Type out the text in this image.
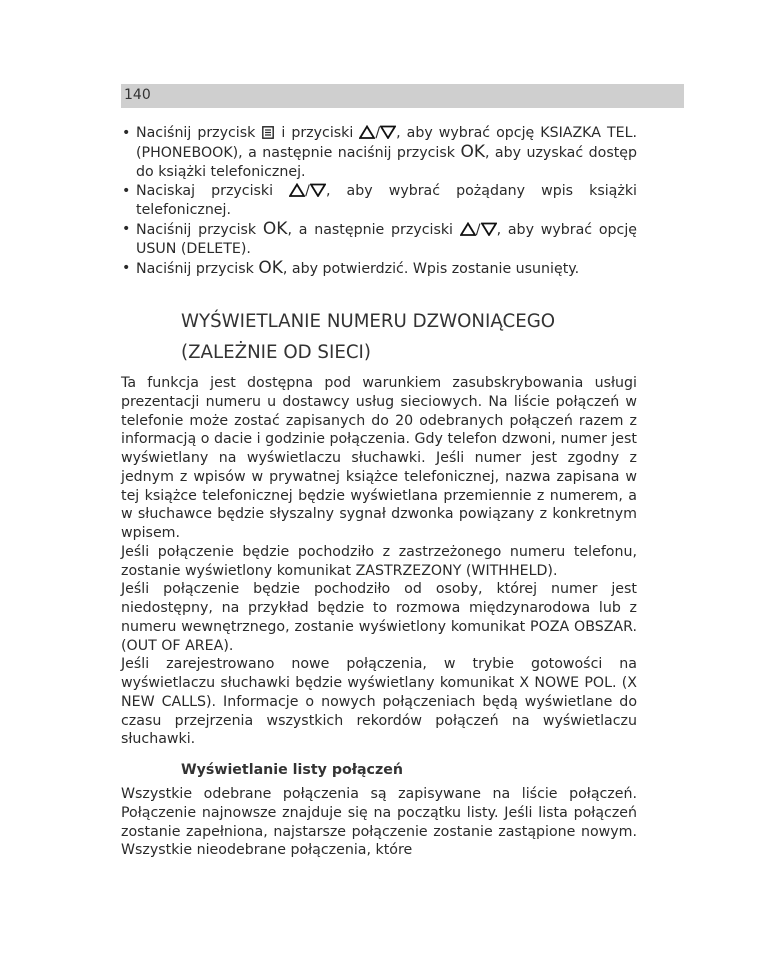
140
• Naciśnij przycisk i przyciski / , aby wybrać opcję KSIAZKA TEL. (PHONEBOOK), a następnie naciśnij przycisk OK, aby uzyskać dostęp do książki telefonicznej.
• Naciskaj przyciski / , aby wybrać pożądany wpis książki telefonicznej.
• Naciśnij przycisk OK, a następnie przyciski / , aby wybrać opcję USUN (DELETE).
• Naciśnij przycisk OK, aby potwierdzić. Wpis zostanie usunięty.
WYŚWIETLANIE NUMERU DZWONIĄCEGO
(ZALEŻNIE OD SIECI)

Ta funkcja jest dostępna pod warunkiem zasubskrybowania usługi prezentacji numeru u dostawcy usług sieciowych. Na liście połączeń w telefonie może zostać zapisanych do 20 odebranych połączeń razem z informacją o dacie i godzinie połączenia. Gdy telefon dzwoni, numer jest wyświetlany na wyświetlaczu słuchawki. Jeśli numer jest zgodny z jednym z wpisów w prywatnej książce telefonicznej, nazwa zapisana w tej książce telefonicznej będzie wyświetlana przemiennie z numerem, a w słuchawce będzie słyszalny sygnał dzwonka powiązany z konkretnym wpisem.

Jeśli połączenie będzie pochodziło z zastrzeżonego numeru telefonu, zostanie wyświetlony komunikat ZASTRZEZONY (WITHHELD).

Jeśli połączenie będzie pochodziło od osoby, której numer jest niedostępny, na przykład będzie to rozmowa międzynarodowa lub z numeru wewnętrznego, zostanie wyświetlony komunikat POZA OBSZAR. (OUT OF AREA).

Jeśli zarejestrowano nowe połączenia, w trybie gotowości na wyświetlaczu słuchawki będzie wyświetlany komunikat X NOWE POL. (X NEW CALLS). Informacje o nowych połączeniach będą wyświetlane do czasu przejrzenia wszystkich rekordów połączeń na wyświetlaczu słuchawki.

Wyświetlanie listy połączeń

Wszystkie odebrane połączenia są zapisywane na liście połączeń. Połączenie najnowsze znajduje się na początku listy. Jeśli lista połączeń zostanie zapełniona, najstarsze połączenie zostanie zastąpione nowym. Wszystkie nieodebrane połączenia, które
